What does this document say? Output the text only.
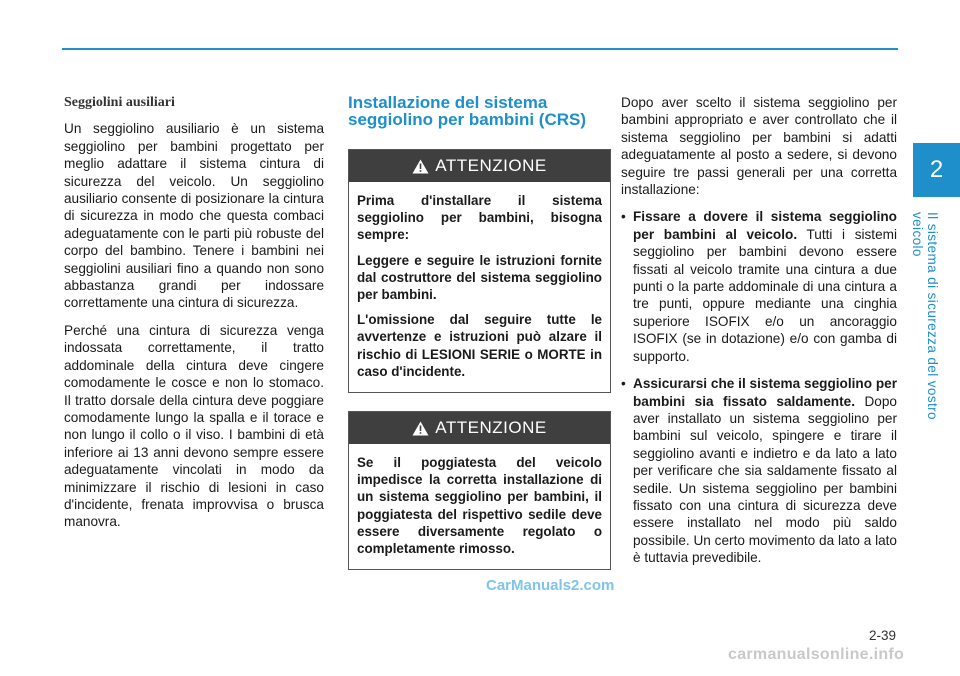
Seggiolini ausiliari

Un seggiolino ausiliario è un sistema seggiolino per bambini progettato per meglio adattare il sistema cintura di sicurezza del veicolo. Un seggiolino ausiliario consente di posizionare la cintura di sicurezza in modo che questa combaci adeguatamente con le parti più robuste del corpo del bambino. Tenere i bambini nei seggiolini ausiliari fino a quando non sono abbastanza grandi per indossare correttamente una cintura di sicurezza.

Perché una cintura di sicurezza venga indossata correttamente, il tratto addominale della cintura deve cingere comodamente le cosce e non lo stomaco. Il tratto dorsale della cintura deve poggiare comodamente lungo la spalla e il torace e non lungo il collo o il viso. I bambini di età inferiore ai 13 anni devono sempre essere adeguatamente vincolati in modo da minimizzare il rischio di lesioni in caso d'incidente, frenata improvvisa o brusca manovra.

Installazione del sistema seggiolino per bambini (CRS)
ATTENZIONE

Prima d'installare il sistema seggiolino per bambini, bisogna sempre:

Leggere e seguire le istruzioni fornite dal costruttore del sistema seggiolino per bambini.

L'omissione dal seguire tutte le avvertenze e istruzioni può alzare il rischio di LESIONI SERIE o MORTE in caso d'incidente.

ATTENZIONE

Se il poggiatesta del veicolo impedisce la corretta installazione di un sistema seggiolino per bambini, il poggiatesta del rispettivo sedile deve essere diversamente regolato o completamente rimosso.

Dopo aver scelto il sistema seggiolino per bambini appropriato e aver controllato che il sistema seggiolino per bambini si adatti adeguatamente al posto a sedere, si devono seguire tre passi generali per una corretta installazione:

• Fissare a dovere il sistema seggiolino per bambini al veicolo. Tutti i sistemi seggiolino per bambini devono essere fissati al veicolo tramite una cintura a due punti o la parte addominale di una cintura a tre punti, oppure mediante una cinghia superiore ISOFIX e/o un ancoraggio ISOFIX (se in dotazione) e/o con gamba di supporto.
• Assicurarsi che il sistema seggiolino per bambini sia fissato saldamente. Dopo aver installato un sistema seggiolino per bambini sul veicolo, spingere e tirare il seggiolino avanti e indietro e da lato a lato per verificare che sia saldamente fissato al sedile. Un sistema seggiolino per bambini fissato con una cintura di sicurezza deve essere installato nel modo più saldo possibile. Un certo movimento da lato a lato è tuttavia prevedibile.
2
Il sistema di sicurezza del vostro veicolo
2-39
CarManuals2.com
carmanualsonline.info
